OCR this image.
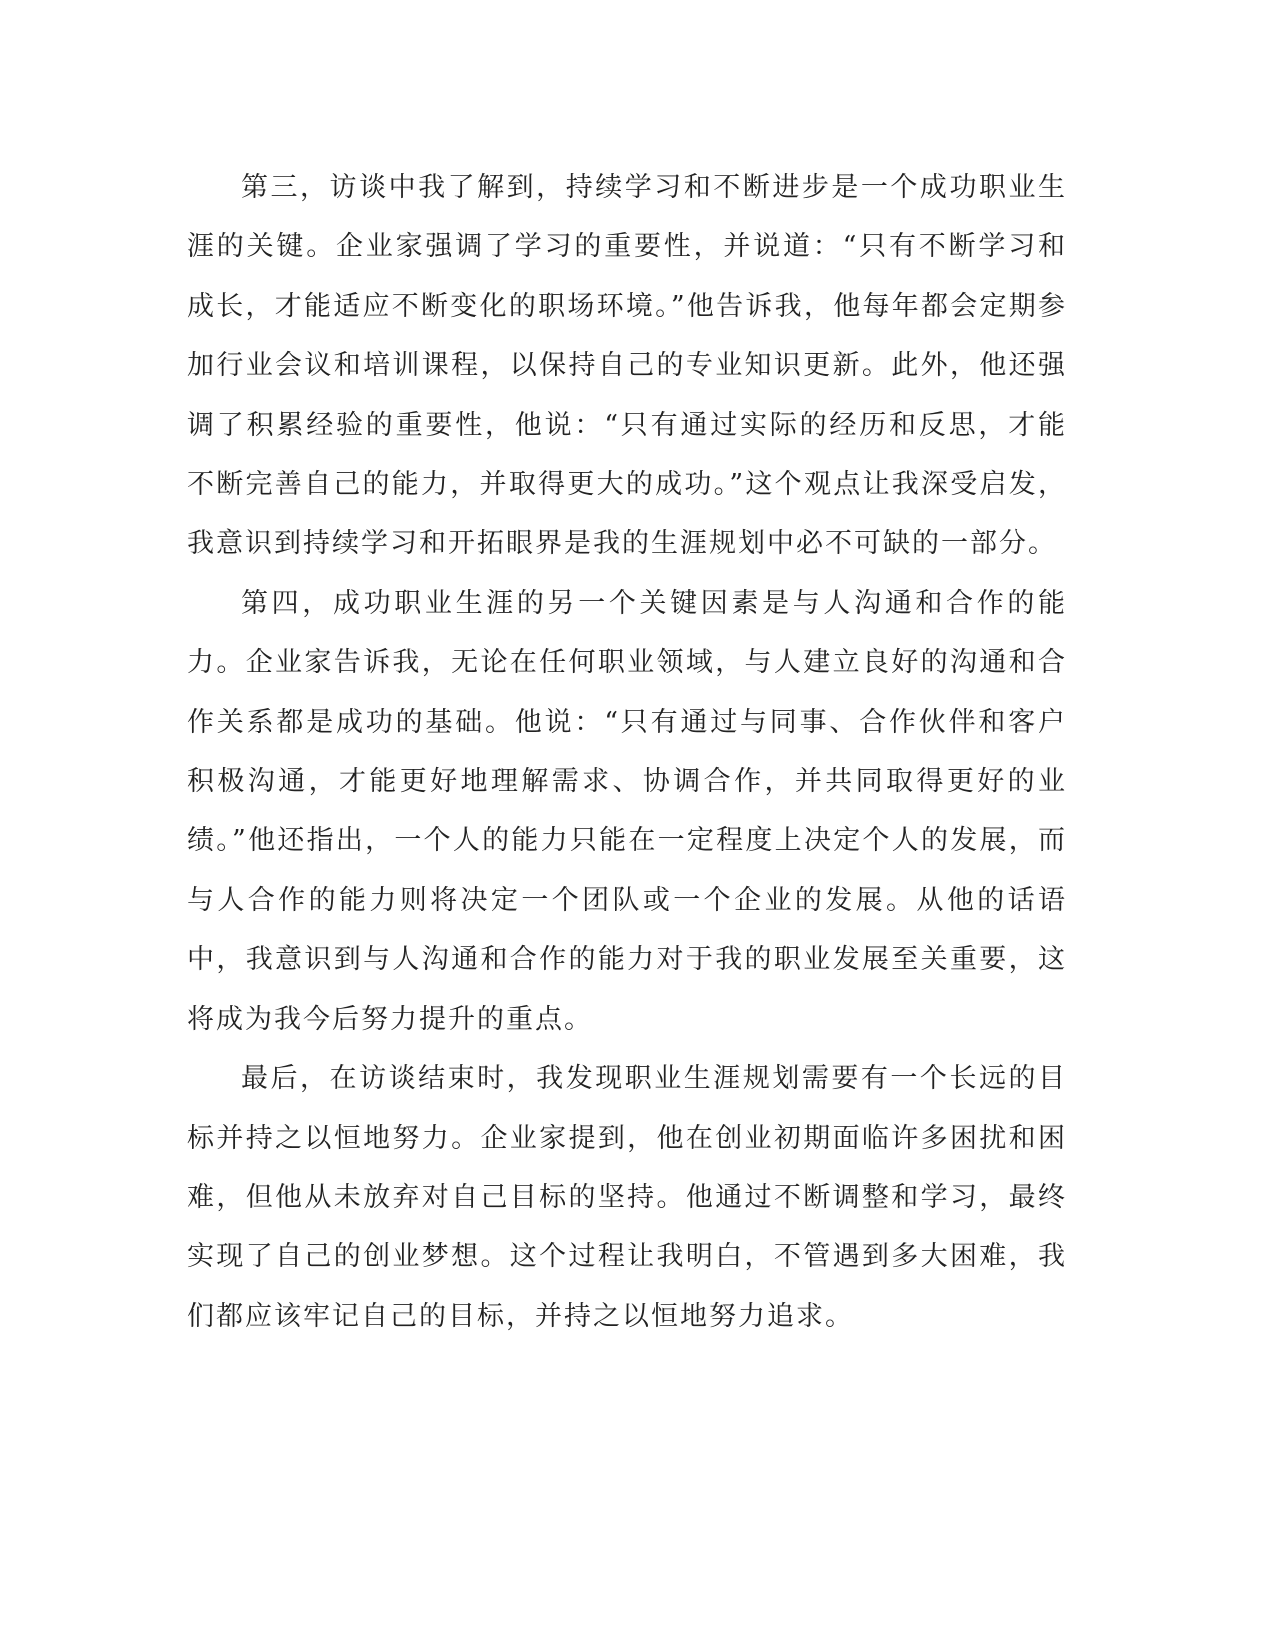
第三，访谈中我了解到，持续学习和不断进步是一个成功职业生涯的关键。企业家强调了学习的重要性，并说道：“只有不断学习和成长，才能适应不断变化的职场环境。”他告诉我，他每年都会定期参加行业会议和培训课程，以保持自己的专业知识更新。此外，他还强调了积累经验的重要性，他说：“只有通过实际的经历和反思，才能不断完善自己的能力，并取得更大的成功。”这个观点让我深受启发，我意识到持续学习和开拓眼界是我的生涯规划中必不可缺的一部分。

第四，成功职业生涯的另一个关键因素是与人沟通和合作的能力。企业家告诉我，无论在任何职业领域，与人建立良好的沟通和合作关系都是成功的基础。他说：“只有通过与同事、合作伙伴和客户积极沟通，才能更好地理解需求、协调合作，并共同取得更好的业绩。”他还指出，一个人的能力只能在一定程度上决定个人的发展，而与人合作的能力则将决定一个团队或一个企业的发展。从他的话语中，我意识到与人沟通和合作的能力对于我的职业发展至关重要，这将成为我今后努力提升的重点。

最后，在访谈结束时，我发现职业生涯规划需要有一个长远的目标并持之以恒地努力。企业家提到，他在创业初期面临许多困扰和困难，但他从未放弃对自己目标的坚持。他通过不断调整和学习，最终实现了自己的创业梦想。这个过程让我明白，不管遇到多大困难，我们都应该牢记自己的目标，并持之以恒地努力追求。
